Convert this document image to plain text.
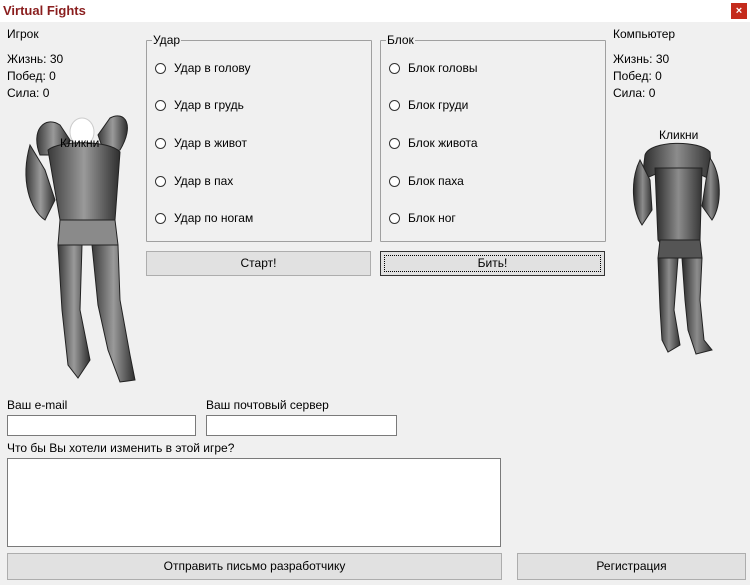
Virtual Fights	×
Игрок
Жизнь: 30
Побед: 0
Сила: 0
Кликни
Удар
Удар в голову
Удар в грудь
Удар в живот
Удар в пах
Удар по ногам
Блок
Блок головы
Блок груди
Блок живота
Блок паха
Блок ног
Старт!	Бить!
Компьютер
Жизнь: 30
Побед: 0
Сила: 0
Кликни
Ваш e-mail	Ваш почтовый сервер
Что бы Вы хотели изменить в этой игре?
Отправить письмо разработчику	Регистрация
